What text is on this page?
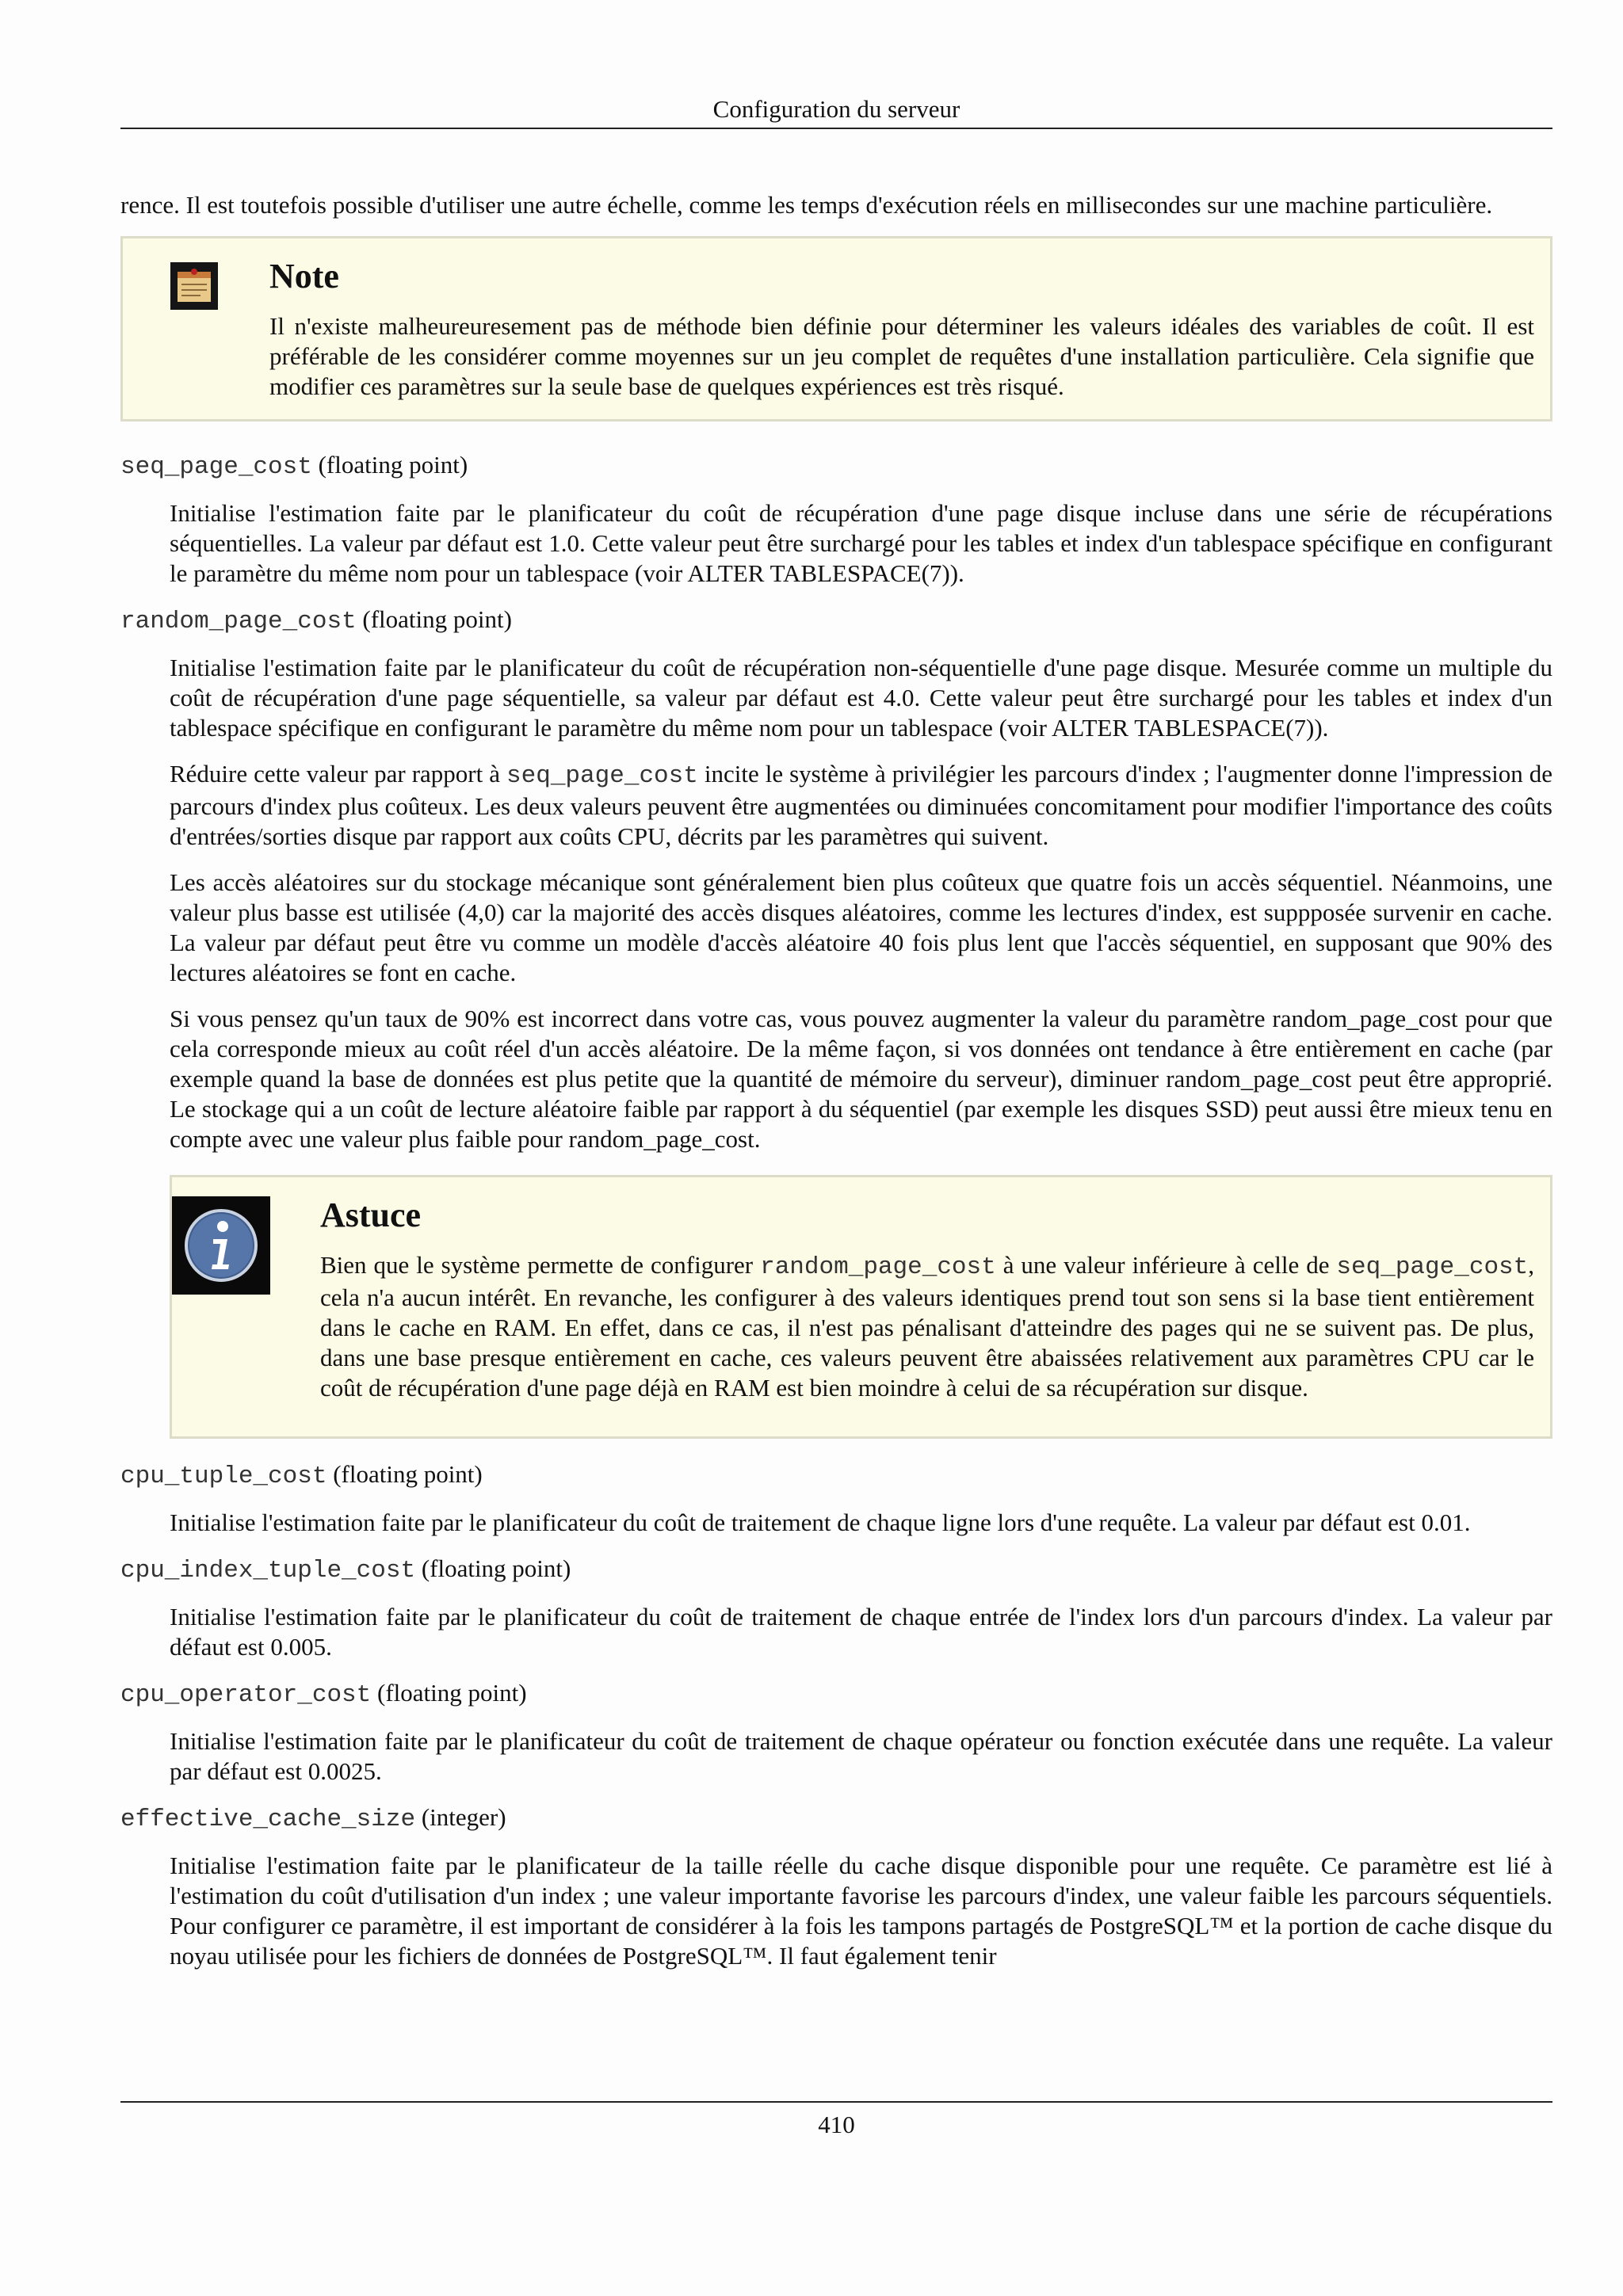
Configuration du serveur

rence. Il est toutefois possible d'utiliser une autre échelle, comme les temps d'exécution réels en millisecondes sur une machine particulière.

Note

Il n'existe malheureuresement pas de méthode bien définie pour déterminer les valeurs idéales des variables de coût. Il est préférable de les considérer comme moyennes sur un jeu complet de requêtes d'une installation particulière. Cela signifie que modifier ces paramètres sur la seule base de quelques expériences est très risqué.

seq_page_cost (floating point)

Initialise l'estimation faite par le planificateur du coût de récupération d'une page disque incluse dans une série de récupérations séquentielles. La valeur par défaut est 1.0. Cette valeur peut être surchargé pour les tables et index d'un tablespace spécifique en configurant le paramètre du même nom pour un tablespace (voir ALTER TABLESPACE(7)).

random_page_cost (floating point)

Initialise l'estimation faite par le planificateur du coût de récupération non-séquentielle d'une page disque. Mesurée comme un multiple du coût de récupération d'une page séquentielle, sa valeur par défaut est 4.0. Cette valeur peut être surchargé pour les tables et index d'un tablespace spécifique en configurant le paramètre du même nom pour un tablespace (voir ALTER TABLESPACE(7)).

Réduire cette valeur par rapport à seq_page_cost incite le système à privilégier les parcours d'index ; l'augmenter donne l'impression de parcours d'index plus coûteux. Les deux valeurs peuvent être augmentées ou diminuées concomitament pour modifier l'importance des coûts d'entrées/sorties disque par rapport aux coûts CPU, décrits par les paramètres qui suivent.

Les accès aléatoires sur du stockage mécanique sont généralement bien plus coûteux que quatre fois un accès séquentiel. Néanmoins, une valeur plus basse est utilisée (4,0) car la majorité des accès disques aléatoires, comme les lectures d'index, est suppposée survenir en cache. La valeur par défaut peut être vu comme un modèle d'accès aléatoire 40 fois plus lent que l'accès séquentiel, en supposant que 90% des lectures aléatoires se font en cache.

Si vous pensez qu'un taux de 90% est incorrect dans votre cas, vous pouvez augmenter la valeur du paramètre random_page_cost pour que cela corresponde mieux au coût réel d'un accès aléatoire. De la même façon, si vos données ont tendance à être entièrement en cache (par exemple quand la base de données est plus petite que la quantité de mémoire du serveur), diminuer random_page_cost peut être approprié. Le stockage qui a un coût de lecture aléatoire faible par rapport à du séquentiel (par exemple les disques SSD) peut aussi être mieux tenu en compte avec une valeur plus faible pour random_page_cost.

Astuce

Bien que le système permette de configurer random_page_cost à une valeur inférieure à celle de seq_page_cost, cela n'a aucun intérêt. En revanche, les configurer à des valeurs identiques prend tout son sens si la base tient entièrement dans le cache en RAM. En effet, dans ce cas, il n'est pas pénalisant d'atteindre des pages qui ne se suivent pas. De plus, dans une base presque entièrement en cache, ces valeurs peuvent être abaissées relativement aux paramètres CPU car le coût de récupération d'une page déjà en RAM est bien moindre à celui de sa récupération sur disque.

cpu_tuple_cost (floating point)

Initialise l'estimation faite par le planificateur du coût de traitement de chaque ligne lors d'une requête. La valeur par défaut est 0.01.

cpu_index_tuple_cost (floating point)

Initialise l'estimation faite par le planificateur du coût de traitement de chaque entrée de l'index lors d'un parcours d'index. La valeur par défaut est 0.005.

cpu_operator_cost (floating point)

Initialise l'estimation faite par le planificateur du coût de traitement de chaque opérateur ou fonction exécutée dans une requête. La valeur par défaut est 0.0025.

effective_cache_size (integer)

Initialise l'estimation faite par le planificateur de la taille réelle du cache disque disponible pour une requête. Ce paramètre est lié à l'estimation du coût d'utilisation d'un index ; une valeur importante favorise les parcours d'index, une valeur faible les parcours séquentiels. Pour configurer ce paramètre, il est important de considérer à la fois les tampons partagés de PostgreSQL™ et la portion de cache disque du noyau utilisée pour les fichiers de données de PostgreSQL™. Il faut également tenir

410
